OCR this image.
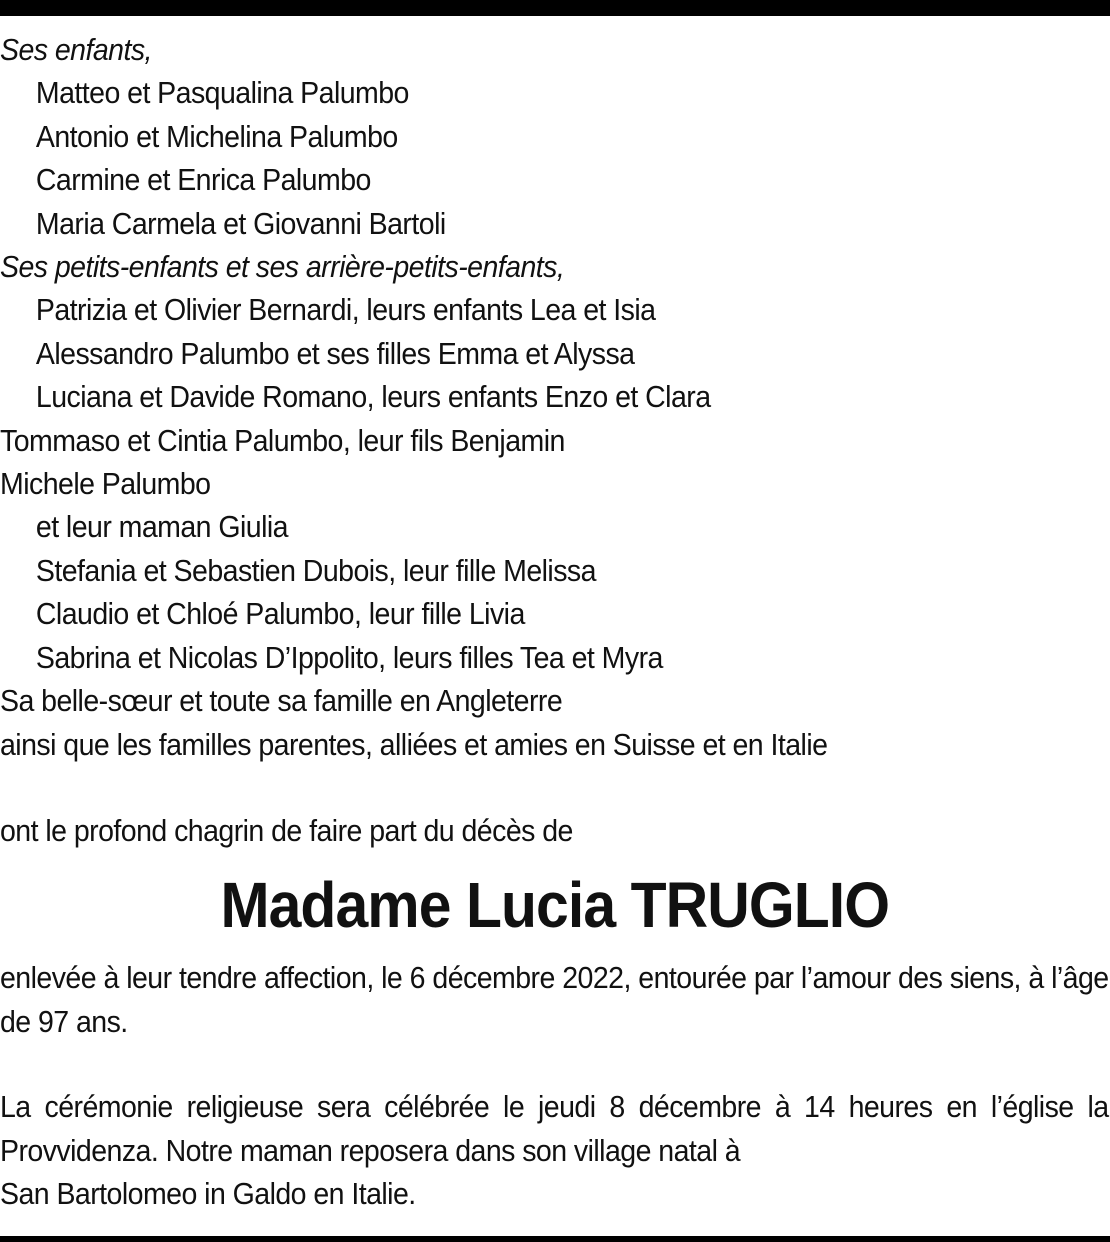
Ses enfants,
Matteo et Pasqualina Palumbo
Antonio et Michelina Palumbo
Carmine et Enrica Palumbo
Maria Carmela et Giovanni Bartoli
Ses petits-enfants et ses arrière-petits-enfants,
Patrizia et Olivier Bernardi, leurs enfants Lea et Isia
Alessandro Palumbo et ses filles Emma et Alyssa
Luciana et Davide Romano, leurs enfants Enzo et Clara
Tommaso et Cintia Palumbo, leur fils Benjamin
Michele Palumbo
et leur maman Giulia
Stefania et Sebastien Dubois, leur fille Melissa
Claudio et Chloé Palumbo, leur fille Livia
Sabrina et Nicolas D’Ippolito, leurs filles Tea et Myra
Sa belle-sœur et toute sa famille en Angleterre
ainsi que les familles parentes, alliées et amies en Suisse et en Italie
ont le profond chagrin de faire part du décès de
Madame Lucia TRUGLIO
enlevée à leur tendre affection, le 6 décembre 2022, entourée par l’amour des siens, à l’âge de 97 ans.
La cérémonie religieuse sera célébrée le jeudi 8 décembre à 14 heures en l’église la Provvidenza. Notre maman reposera dans son village natal à
San Bartolomeo in Galdo en Italie.
